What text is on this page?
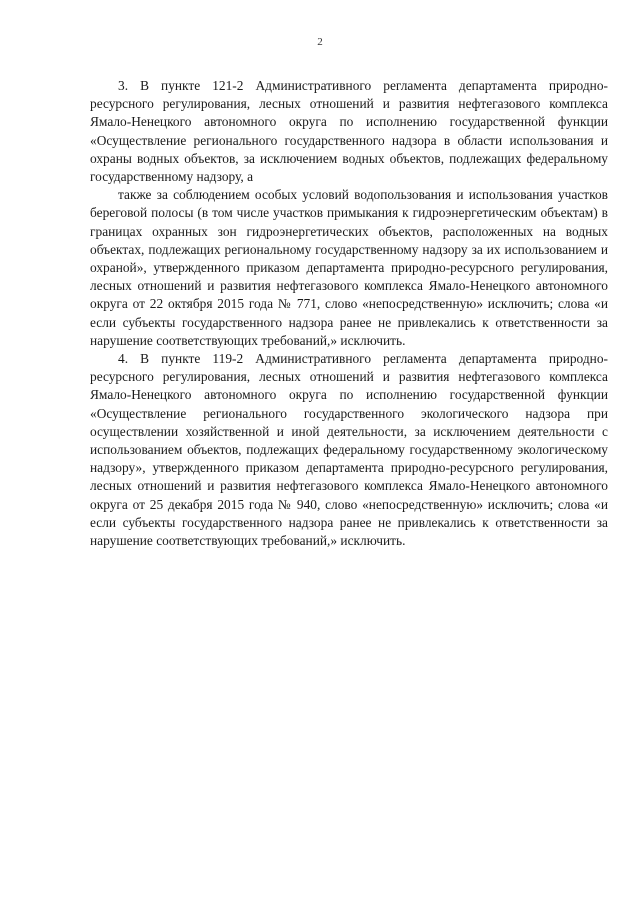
2

3. В пункте 121-2 Административного регламента департамента природно-ресурсного регулирования, лесных отношений и развития нефтегазового комплекса Ямало-Ненецкого автономного округа по исполнению государственной функции «Осуществление регионального государственного надзора в области использования и охраны водных объектов, за исключением водных объектов, подлежащих федеральному государственному надзору, а

также за соблюдением особых условий водопользования и использования участков береговой полосы (в том числе участков примыкания к гидроэнергетическим объектам) в границах охранных зон гидроэнергетических объектов, расположенных на водных объектах, подлежащих региональному государственному надзору за их использованием и охраной», утвержденного приказом департамента природно-ресурсного регулирования, лесных отношений и развития нефтегазового комплекса Ямало-Ненецкого автономного округа от 22 октября 2015 года № 771, слово «непосредственную» исключить; слова «и если субъекты государственного надзора ранее не привлекались к ответственности за нарушение соответствующих требований,» исключить.

4. В пункте 119-2 Административного регламента департамента природно-ресурсного регулирования, лесных отношений и развития нефтегазового комплекса Ямало-Ненецкого автономного округа по исполнению государственной функции «Осуществление регионального государственного экологического надзора при осуществлении хозяйственной и иной деятельности, за исключением деятельности с использованием объектов, подлежащих федеральному государственному экологическому надзору», утвержденного приказом департамента природно-ресурсного регулирования, лесных отношений и развития нефтегазового комплекса Ямало-Ненецкого автономного округа от 25 декабря 2015 года № 940, слово «непосредственную» исключить; слова «и если субъекты государственного надзора ранее не привлекались к ответственности за нарушение соответствующих требований,» исключить.
